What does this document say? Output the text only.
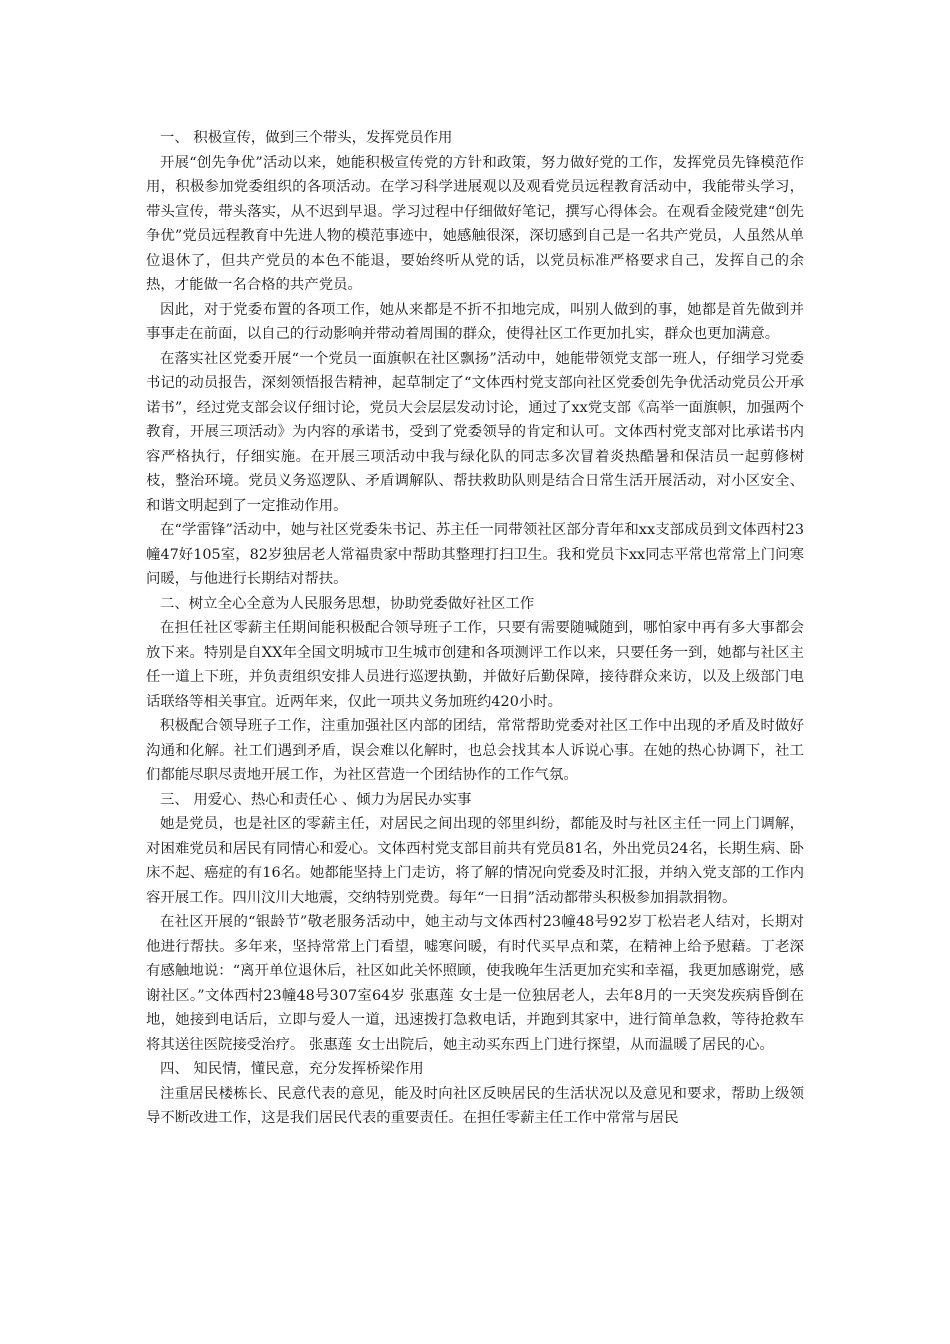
一、 积极宣传，做到三个带头，发挥党员作用

开展“创先争优”活动以来，她能积极宣传党的方针和政策，努力做好党的工作，发挥党员先锋模范作用，积极参加党委组织的各项活动。在学习科学进展观以及观看党员远程教育活动中，我能带头学习，带头宣传，带头落实，从不迟到早退。学习过程中仔细做好笔记，撰写心得体会。在观看金陵党建“创先争优”党员远程教育中先进人物的模范事迹中，她感触很深，深切感到自己是一名共产党员，人虽然从单位退休了，但共产党员的本色不能退，要始终听从党的话，以党员标准严格要求自己，发挥自己的余热，才能做一名合格的共产党员。

因此，对于党委布置的各项工作，她从来都是不折不扣地完成，叫别人做到的事，她都是首先做到并事事走在前面，以自己的行动影响并带动着周围的群众，使得社区工作更加扎实，群众也更加满意。

在落实社区党委开展“一个党员一面旗帜在社区飘扬”活动中，她能带领党支部一班人，仔细学习党委书记的动员报告，深刻领悟报告精神，起草制定了“文体西村党支部向社区党委创先争优活动党员公开承诺书”，经过党支部会议仔细讨论，党员大会层层发动讨论，通过了xx党支部《高举一面旗帜，加强两个教育，开展三项活动》为内容的承诺书，受到了党委领导的肯定和认可。文体西村党支部对比承诺书内容严格执行，仔细实施。在开展三项活动中我与绿化队的同志多次冒着炎热酷暑和保洁员一起剪修树枝，整治环境。党员义务巡逻队、矛盾调解队、帮扶救助队则是结合日常生活开展活动，对小区安全、和谐文明起到了一定推动作用。

在“学雷锋”活动中，她与社区党委朱书记、苏主任一同带领社区部分青年和xx支部成员到文体西村23幢47好105室，82岁独居老人常福贵家中帮助其整理打扫卫生。我和党员卞xx同志平常也常常上门问寒问暖，与他进行长期结对帮扶。

二、树立全心全意为人民服务思想，协助党委做好社区工作

在担任社区零薪主任期间能积极配合领导班子工作，只要有需要随喊随到，哪怕家中再有多大事都会放下来。特别是自XX年全国文明城市卫生城市创建和各项测评工作以来，只要任务一到，她都与社区主任一道上下班，并负责组织安排人员进行巡逻执勤，并做好后勤保障，接待群众来访，以及上级部门电话联络等相关事宜。近两年来，仅此一项共义务加班约420小时。

积极配合领导班子工作，注重加强社区内部的团结，常常帮助党委对社区工作中出现的矛盾及时做好沟通和化解。社工们遇到矛盾，误会难以化解时，也总会找其本人诉说心事。在她的热心协调下，社工们都能尽职尽责地开展工作，为社区营造一个团结协作的工作气氛。

三、 用爱心、热心和责任心 、倾力为居民办实事

她是党员，也是社区的零薪主任，对居民之间出现的邻里纠纷，都能及时与社区主任一同上门调解，对困难党员和居民有同情心和爱心。文体西村党支部目前共有党员81名，外出党员24名，长期生病、卧床不起、癌症的有16名。她都能坚持上门走访，将了解的情况向党委及时汇报，并纳入党支部的工作内容开展工作。四川汶川大地震，交纳特别党费。每年“一日捐”活动都带头积极参加捐款捐物。

在社区开展的“银龄节”敬老服务活动中，她主动与文体西村23幢48号92岁丁松岩老人结对，长期对他进行帮扶。多年来，坚持常常上门看望，嘘寒问暖，有时代买早点和菜，在精神上给予慰藉。丁老深有感触地说：“离开单位退休后，社区如此关怀照顾，使我晚年生活更加充实和幸福，我更加感谢党，感谢社区。”文体西村23幢48号307室64岁 张惠莲 女士是一位独居老人，去年8月的一天突发疾病昏倒在地，她接到电话后，立即与爱人一道，迅速拨打急救电话，并跑到其家中，进行简单急救，等待抢救车将其送往医院接受治疗。 张惠莲 女士出院后，她主动买东西上门进行探望，从而温暖了居民的心。

四、 知民情，懂民意，充分发挥桥梁作用

注重居民楼栋长、民意代表的意见，能及时向社区反映居民的生活状况以及意见和要求，帮助上级领导不断改进工作，这是我们居民代表的重要责任。在担任零薪主任工作中常常与居民
